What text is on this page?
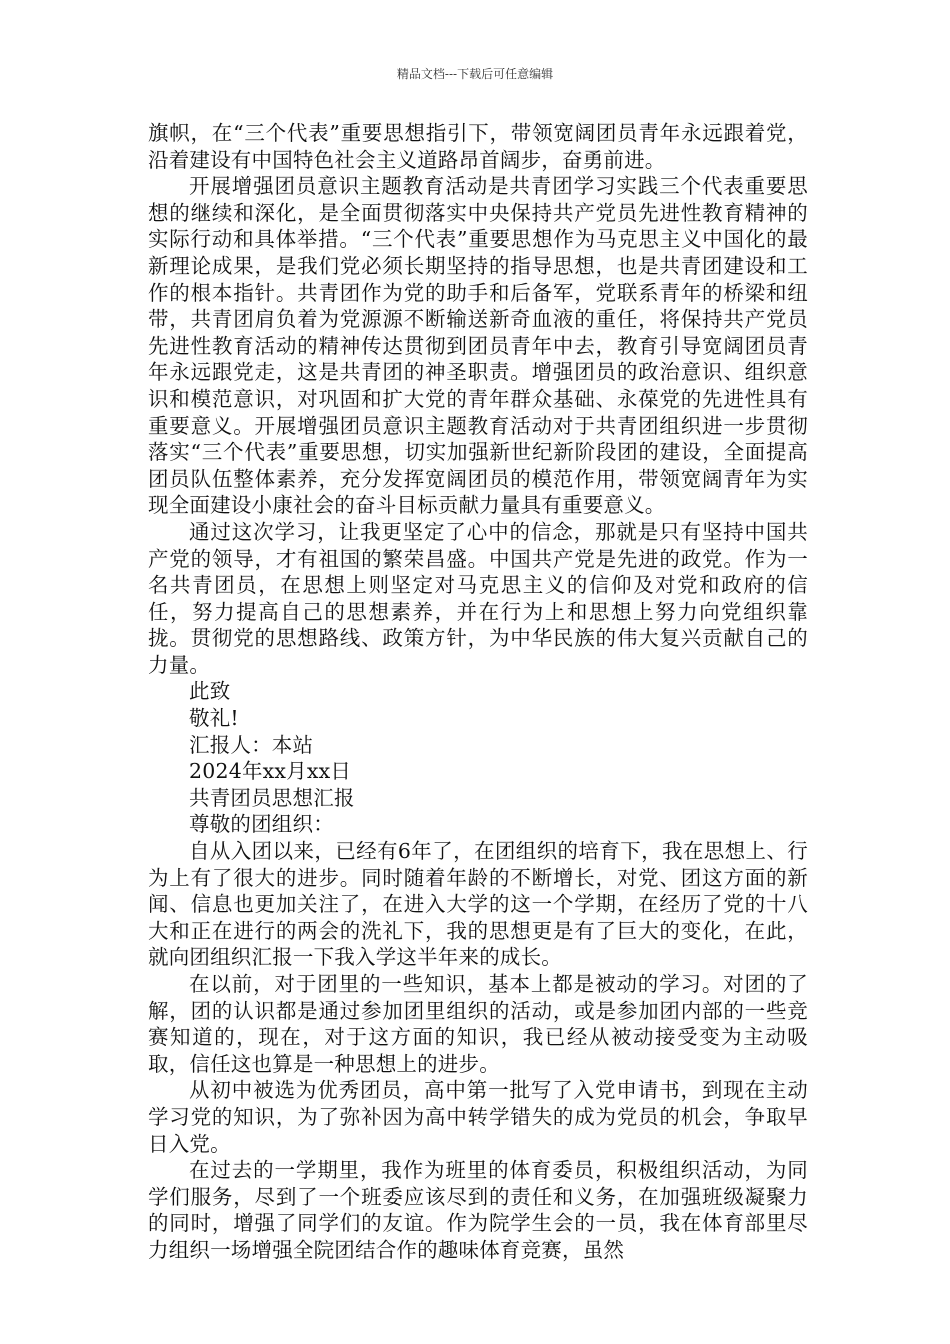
精品文档---下载后可任意编辑

旗帜，在“三个代表”重要思想指引下，带领宽阔团员青年永远跟着党，沿着建设有中国特色社会主义道路昂首阔步，奋勇前进。

开展增强团员意识主题教育活动是共青团学习实践三个代表重要思想的继续和深化，是全面贯彻落实中央保持共产党员先进性教育精神的实际行动和具体举措。“三个代表”重要思想作为马克思主义中国化的最新理论成果，是我们党必须长期坚持的指导思想，也是共青团建设和工作的根本指针。共青团作为党的助手和后备军，党联系青年的桥梁和纽带，共青团肩负着为党源源不断输送新奇血液的重任，将保持共产党员先进性教育活动的精神传达贯彻到团员青年中去，教育引导宽阔团员青年永远跟党走，这是共青团的神圣职责。增强团员的政治意识、组织意识和模范意识，对巩固和扩大党的青年群众基础、永葆党的先进性具有重要意义。开展增强团员意识主题教育活动对于共青团组织进一步贯彻落实“三个代表”重要思想，切实加强新世纪新阶段团的建设，全面提高团员队伍整体素养，充分发挥宽阔团员的模范作用，带领宽阔青年为实现全面建设小康社会的奋斗目标贡献力量具有重要意义。

通过这次学习，让我更坚定了心中的信念，那就是只有坚持中国共产党的领导，才有祖国的繁荣昌盛。中国共产党是先进的政党。作为一名共青团员，在思想上则坚定对马克思主义的信仰及对党和政府的信任，努力提高自己的思想素养，并在行为上和思想上努力向党组织靠拢。贯彻党的思想路线、政策方针，为中华民族的伟大复兴贡献自己的力量。

此致

敬礼!

汇报人：本站

2024年xx月xx日

共青团员思想汇报

尊敬的团组织：

自从入团以来，已经有6年了，在团组织的培育下，我在思想上、行为上有了很大的进步。同时随着年龄的不断增长，对党、团这方面的新闻、信息也更加关注了，在进入大学的这一个学期，在经历了党的十八大和正在进行的两会的洗礼下，我的思想更是有了巨大的变化，在此，就向团组织汇报一下我入学这半年来的成长。

在以前，对于团里的一些知识，基本上都是被动的学习。对团的了解，团的认识都是通过参加团里组织的活动，或是参加团内部的一些竞赛知道的，现在，对于这方面的知识，我已经从被动接受变为主动吸取，信任这也算是一种思想上的进步。

从初中被选为优秀团员，高中第一批写了入党申请书，到现在主动学习党的知识，为了弥补因为高中转学错失的成为党员的机会，争取早日入党。

在过去的一学期里，我作为班里的体育委员，积极组织活动，为同学们服务，尽到了一个班委应该尽到的责任和义务，在加强班级凝聚力的同时，增强了同学们的友谊。作为院学生会的一员，我在体育部里尽力组织一场增强全院团结合作的趣味体育竞赛，虽然
